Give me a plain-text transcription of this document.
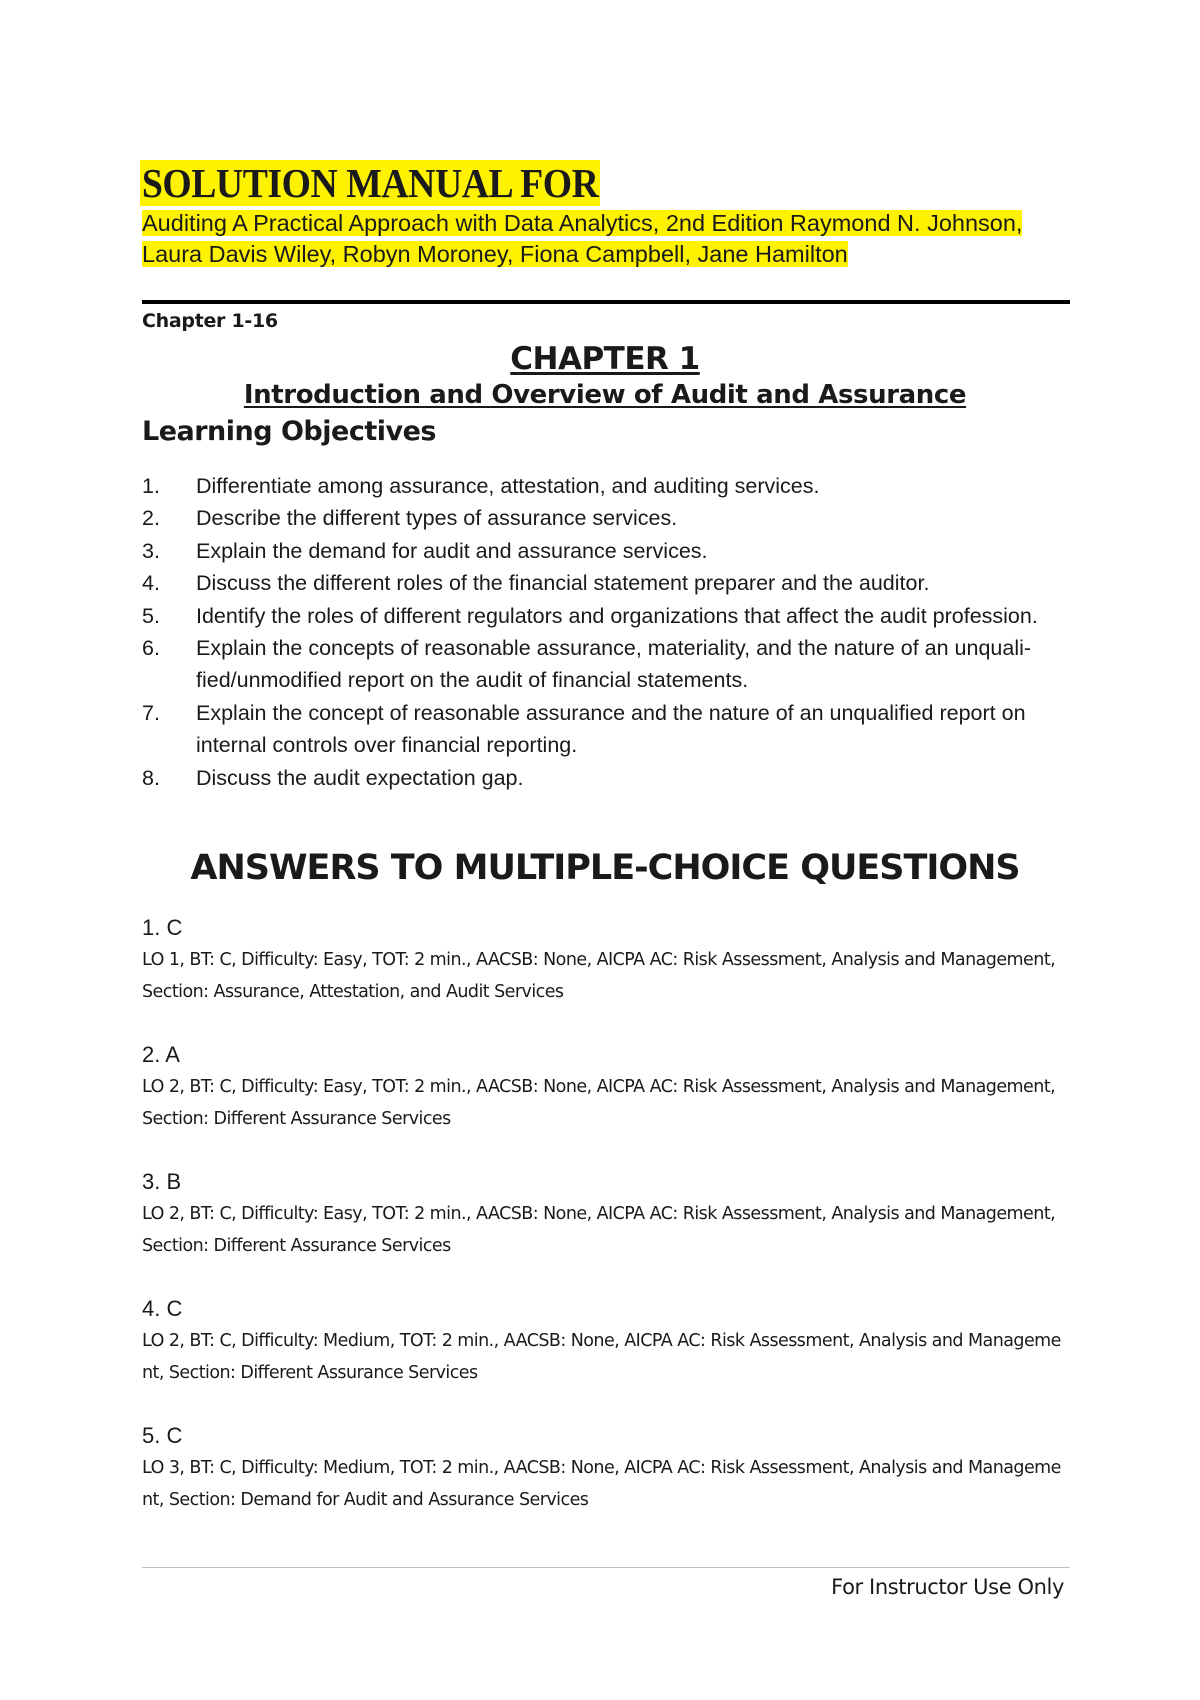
SOLUTION MANUAL FOR
Auditing A Practical Approach with Data Analytics, 2nd Edition Raymond N. Johnson, Laura Davis Wiley, Robyn Moroney, Fiona Campbell, Jane Hamilton
Chapter 1-16
CHAPTER 1
Introduction and Overview of Audit and Assurance
Learning Objectives
1.	Differentiate among assurance, attestation, and auditing services.
2.	Describe the different types of assurance services.
3.	Explain the demand for audit and assurance services.
4.	Discuss the different roles of the financial statement preparer and the auditor.
5.	Identify the roles of different regulators and organizations that affect the audit profession.
6.	Explain the concepts of reasonable assurance, materiality, and the nature of an unquali- fied/unmodified report on the audit of financial statements.
7.	Explain the concept of reasonable assurance and the nature of an unqualified report on internal controls over financial reporting.
8.	Discuss the audit expectation gap.
ANSWERS TO MULTIPLE-CHOICE QUESTIONS
1. C
LO 1, BT: C, Difficulty: Easy, TOT: 2 min., AACSB: None, AICPA AC: Risk Assessment, Analysis and Management, Section: Assurance, Attestation, and Audit Services
2. A
LO 2, BT: C, Difficulty: Easy, TOT: 2 min., AACSB: None, AICPA AC: Risk Assessment, Analysis and Management, Section: Different Assurance Services
3. B
LO 2, BT: C, Difficulty: Easy, TOT: 2 min., AACSB: None, AICPA AC: Risk Assessment, Analysis and Management, Section: Different Assurance Services
4. C
LO 2, BT: C, Difficulty: Medium, TOT: 2 min., AACSB: None, AICPA AC: Risk Assessment, Analysis and Management, Section: Different Assurance Services
5. C
LO 3, BT: C, Difficulty: Medium, TOT: 2 min., AACSB: None, AICPA AC: Risk Assessment, Analysis and Management, Section: Demand for Audit and Assurance Services
For Instructor Use Only
